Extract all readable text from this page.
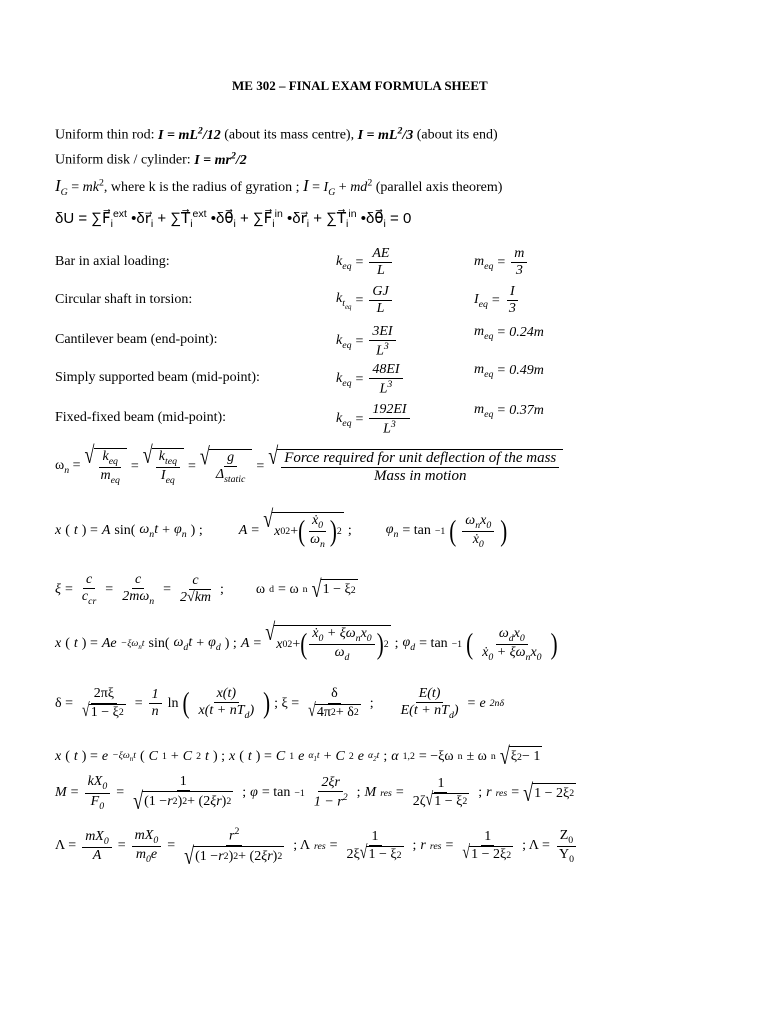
ME 302 – FINAL EXAM FORMULA SHEET
Uniform thin rod: $I = mL^2/12$ (about its mass centre), $I = mL^2/3$ (about its end)
Uniform disk / cylinder: $I = mr^2/2$
$I_G = mk^2$, where k is the radius of gyration ; $I = I_G + md^2$ (parallel axis theorem)
$\delta U = \sum F⃗_i^{ext}$ $•\delta r⃗_i$ + $\sum T⃗_i^{ext}$ $•\delta\theta⃗_i$ + $\sum F⃗_i^{in}$ $•\delta r⃗_i$ + $\sum T⃗_i^{in}$ $•\delta\theta⃗_i = 0$
Bar in axial loading:	$k_{eq} = \frac{AE}{L}$	$m_{eq} = \frac{m}{3}$
Circular shaft in torsion:	$k_{t_{eq}} = \frac{GJ}{L}$	$I_{eq} = \frac{I}{3}$
Cantilever beam (end-point):	$k_{eq} = \frac{3EI}{L^3}$	$m_{eq} = 0.24m$
Simply supported beam (mid-point):	$k_{eq} = \frac{48EI}{L^3}$	$m_{eq} = 0.49m$
Fixed-fixed beam (mid-point):	$k_{eq} = \frac{192EI}{L^3}$	$m_{eq} = 0.37m$
$\omega_n$ = √ $\frac{k_{eq}}{m_{eq}}$ = √ $\frac{k_{teq}}{I_{eq}}$ = √ $\frac{g}{\Delta_{static}}$ = √ $\frac{\text{Force required for unit deflection of the mass}}{\text{Mass in motion}}$
x ( t ) = A sin( $\omega_nt + \varphi_n$ ) ;	A = √ x 0 2 + ( $\frac{ẋ_0}{\omega_n}$ ) 2 ; $\varphi_n = \tan -1$ ( $\frac{\omega_nx_0}{ẋ_0}$ )
$\xi = \frac{c}{c_{cr}} = \frac{c}{2m\omega_n} = \frac{c}{2√km}$ ;
ω d = ω n √ 1 − ξ 2
x ( t ) = $Ae -\xi\omega_nt$ sin( $\omega_dt + \varphi_d$ ) ; A = √ x 0 2 + ( $\frac{ẋ_0 + \xi\omega_nx_0}{\omega_d}$ ) 2 ; $\varphi_d = \tan -1$ ( $\frac{\omega_dx_0}{ẋ_0 + \xi\omega_nx_0}$ )
$\delta = \frac{2\pi\xi}{√ 1 - \xi 2} = \frac{1}{n}$ ln ( $\frac{x(t)}{x(t + nT_d)}$ ) ; $\xi = \frac{\delta}{√ 4\pi 2 + \delta 2}$ ; $\frac{E(t)}{E(t + nT_d)} = e$ 2nδ
x ( t ) = $e -\xi\omega_nt$ ( C 1 + C 2 t ) ; x ( t ) = C 1 e $\alpha_1t + C$ 2 e $\alpha_2t$ ; α 1,2 = −ξω n ± ω n √ ξ 2 − 1
$M = \frac{kX_0}{F_0} = \frac{1}{√ (1 - r 2 ) 2 + (2 \xi r ) 2}$ ; $\varphi = \tan -1 \frac{2\xi r}{1 - r^2}$ ; M res = $\frac{1}{2\zeta √ 1 - \xi 2}$ ; r res = √ 1 − 2ξ 2
$\Lambda = \frac{mX_0}{A} = \frac{mX_0}{m_0e} = \frac{r^2}{√ (1 - r 2 ) 2 + (2 \xi r ) 2}$ ; Λ res = $\frac{1}{2\xi √ 1 - \xi 2}$ ; r res = $\frac{1}{√ 1 - 2\xi 2}$ ; $\Lambda = \frac{Z_0}{Y_0}$
